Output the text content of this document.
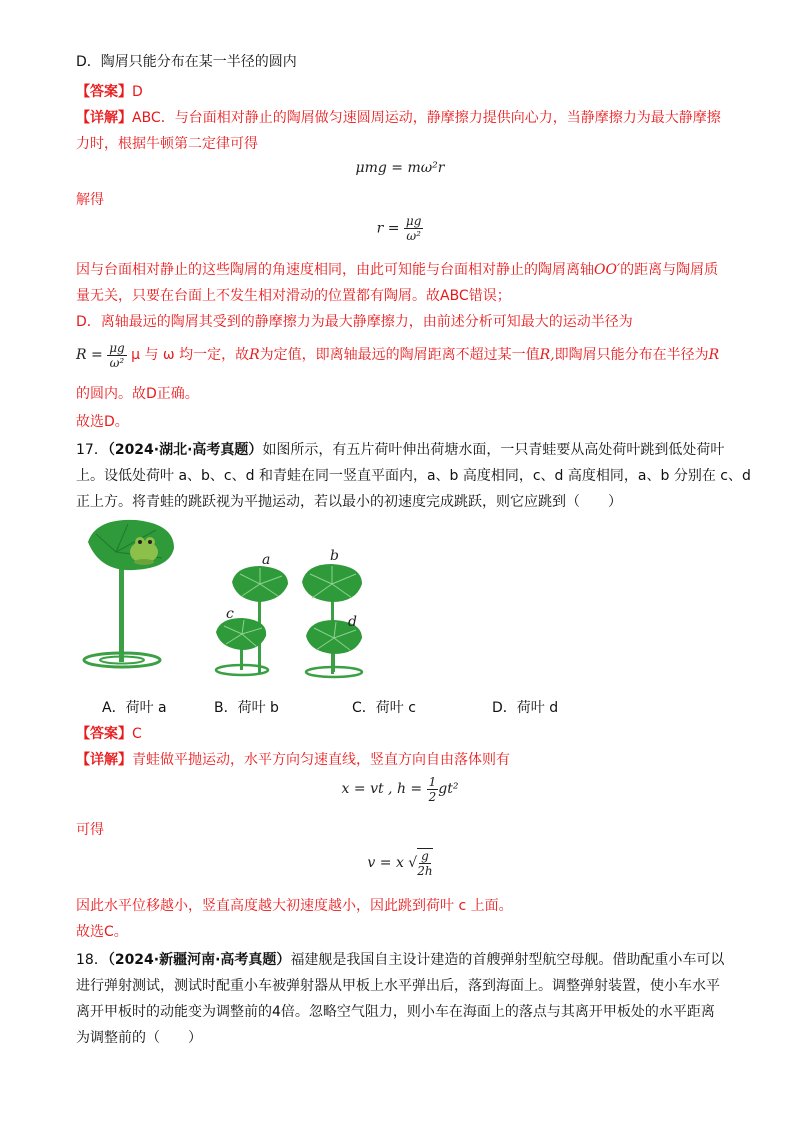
D．陶屑只能分布在某一半径的圆内
【答案】D
【详解】ABC．与台面相对静止的陶屑做匀速圆周运动，静摩擦力提供向心力，当静摩擦力为最大静摩擦
力时，根据牛顿第二定律可得
μmg = mω²r
解得
$r = \frac{\mu g}{\text{ω²}}$
因与台面相对静止的这些陶屑的角速度相同，由此可知能与台面相对静止的陶屑离轴OO′的距离与陶屑质
量无关，只要在台面上不发生相对滑动的位置都有陶屑。故ABC错误；
D．离轴最远的陶屑其受到的静摩擦力为最大静摩擦力，由前述分析可知最大的运动半径为
$R = \frac{\mu g}{\text{ω²}}$ μ 与 ω 均一定，故R为定值，即离轴最远的陶屑距离不超过某一值R,即陶屑只能分布在半径为R
的圆内。故D正确。
故选D。
17．（2024·湖北·高考真题）如图所示，有五片荷叶伸出荷塘水面，一只青蛙要从高处荷叶跳到低处荷叶
上。设低处荷叶 a、b、c、d 和青蛙在同一竖直平面内，a、b 高度相同，c、d 高度相同，a、b 分别在 c、d
正上方。将青蛙的跳跃视为平抛运动，若以最小的初速度完成跳跃，则它应跳到（　　）
a	b
c	d
A．荷叶 a	B．荷叶 b	C．荷叶 c	D．荷叶 d
【答案】C
【详解】青蛙做平抛运动，水平方向匀速直线，竖直方向自由落体则有
x = vt , $h = \frac{1}{2} gt^2$
可得
v = x √ $\frac{g}{2h}$
因此水平位移越小，竖直高度越大初速度越小，因此跳到荷叶 c 上面。
故选C。
18．（2024·新疆河南·高考真题）福建舰是我国自主设计建造的首艘弹射型航空母舰。借助配重小车可以
进行弹射测试，测试时配重小车被弹射器从甲板上水平弹出后，落到海面上。调整弹射装置，使小车水平
离开甲板时的动能变为调整前的4倍。忽略空气阻力，则小车在海面上的落点与其离开甲板处的水平距离
为调整前的（　　）
